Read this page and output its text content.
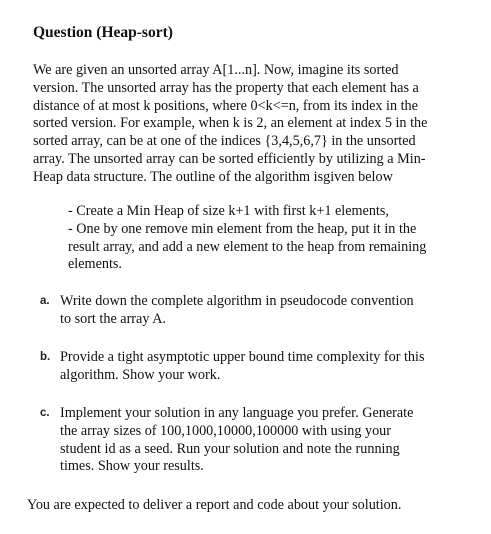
Question (Heap-sort)
We are given an unsorted array A[1...n]. Now, imagine its sorted
version. The unsorted array has the property that each element has a
distance of at most k positions, where 0<k<=n, from its index in the
sorted version. For example, when k is 2, an element at index 5 in the
sorted array, can be at one of the indices {3,4,5,6,7} in the unsorted
array. The unsorted array can be sorted efficiently by utilizing a Min-
Heap data structure. The outline of the algorithm isgiven below
- Create a Min Heap of size k+1 with first k+1 elements,
- One by one remove min element from the heap, put it in the
result array, and add a new element to the heap from remaining
elements.
a. Write down the complete algorithm in pseudocode convention
to sort the array A.
b. Provide a tight asymptotic upper bound time complexity for this
algorithm. Show your work.
c. Implement your solution in any language you prefer. Generate
the array sizes of 100,1000,10000,100000 with using your
student id as a seed. Run your solution and note the running
times. Show your results.
You are expected to deliver a report and code about your solution.
